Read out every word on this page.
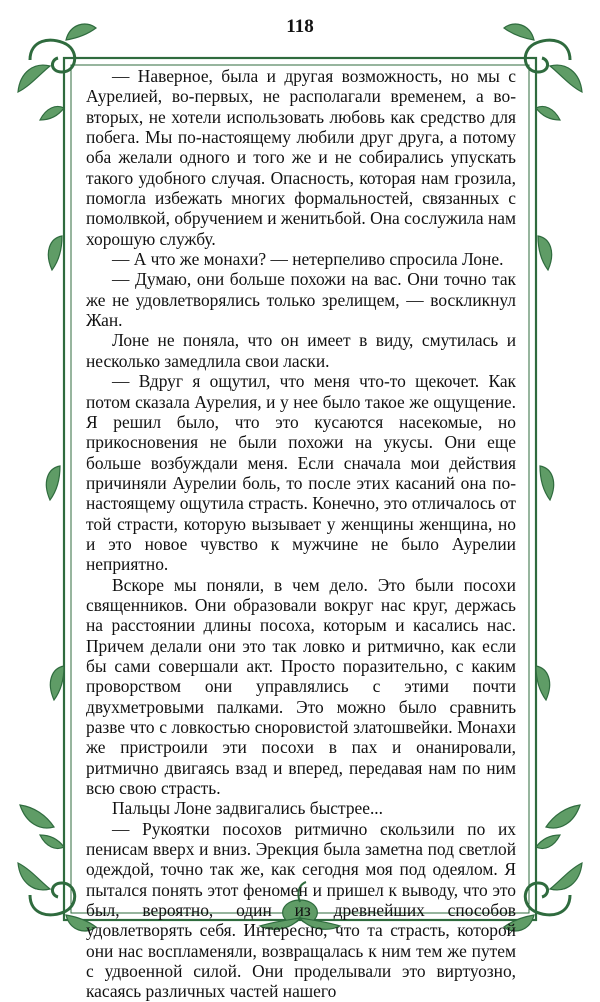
118

— Наверное, была и другая возможность, но мы с Аурелией, во-первых, не располагали временем, а во-вторых, не хотели использовать любовь как средство для побега. Мы по-настоящему любили друг друга, а потому оба желали одного и того же и не собирались упускать такого удобного случая. Опасность, которая нам грозила, помогла избежать многих формальностей, связанных с помолвкой, обручением и женитьбой. Она сослужила нам хорошую службу.

— А что же монахи? — нетерпеливо спросила Лоне.

— Думаю, они больше похожи на вас. Они точно так же не удовлетворялись только зрелищем, — воскликнул Жан.

Лоне не поняла, что он имеет в виду, смутилась и несколько замедлила свои ласки.

— Вдруг я ощутил, что меня что-то щекочет. Как потом сказала Аурелия, и у нее было такое же ощущение. Я решил было, что это кусаются насекомые, но прикосновения не были похожи на укусы. Они еще больше возбуждали меня. Если сначала мои действия причиняли Аурелии боль, то после этих касаний она по-настоящему ощутила страсть. Конечно, это отличалось от той страсти, которую вызывает у женщины женщина, но и это новое чувство к мужчине не было Аурелии неприятно.

Вскоре мы поняли, в чем дело. Это были посохи священников. Они образовали вокруг нас круг, держась на расстоянии длины посоха, которым и касались нас. Причем делали они это так ловко и ритмично, как если бы сами совершали акт. Просто поразительно, с каким проворством они управлялись с этими почти двухметровыми палками. Это можно было сравнить разве что с ловкостью сноровистой златошвейки. Монахи же пристроили эти посохи в пах и онанировали, ритмично двигаясь взад и вперед, передавая нам по ним всю свою страсть.

Пальцы Лоне задвигались быстрее...

— Рукоятки посохов ритмично скользили по их пенисам вверх и вниз. Эрекция была заметна под светлой одеждой, точно так же, как сегодня моя под одеялом. Я пытался понять этот феномен и пришел к выводу, что это был, вероятно, один из древнейших способов удовлетворять себя. Интересно, что та страсть, которой они нас воспламеняли, возвращалась к ним тем же путем с удвоенной силой. Они проделывали это виртуозно, касаясь различных частей нашего
